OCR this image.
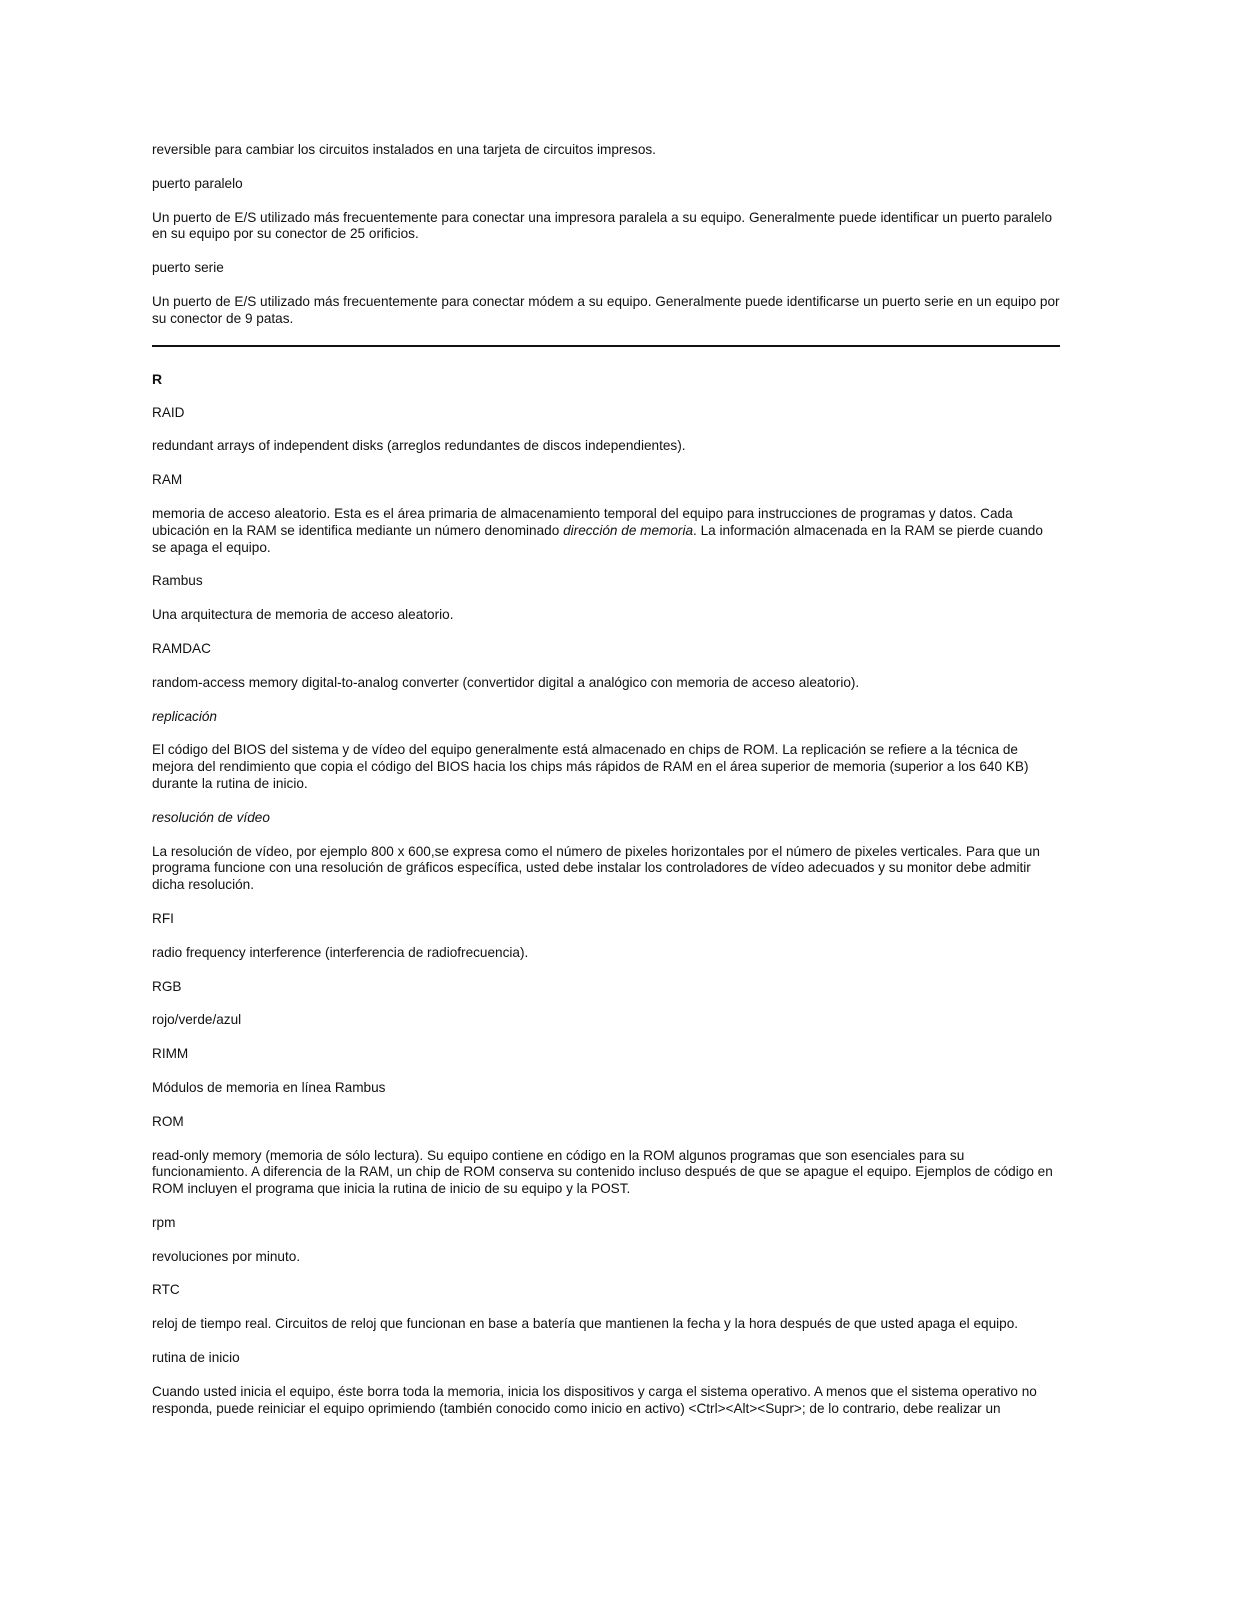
reversible para cambiar los circuitos instalados en una tarjeta de circuitos impresos.

puerto paralelo

Un puerto de E/S utilizado más frecuentemente para conectar una impresora paralela a su equipo. Generalmente puede identificar un puerto paralelo en su equipo por su conector de 25 orificios.

puerto serie

Un puerto de E/S utilizado más frecuentemente para conectar módem a su equipo. Generalmente puede identificarse un puerto serie en un equipo por su conector de 9 patas.

R

RAID

redundant arrays of independent disks (arreglos redundantes de discos independientes).

RAM

memoria de acceso aleatorio. Esta es el área primaria de almacenamiento temporal del equipo para instrucciones de programas y datos. Cada ubicación en la RAM se identifica mediante un número denominado dirección de memoria. La información almacenada en la RAM se pierde cuando se apaga el equipo.

Rambus

Una arquitectura de memoria de acceso aleatorio.

RAMDAC

random-access memory digital-to-analog converter (convertidor digital a analógico con memoria de acceso aleatorio).

replicación

El código del BIOS del sistema y de vídeo del equipo generalmente está almacenado en chips de ROM. La replicación se refiere a la técnica de mejora del rendimiento que copia el código del BIOS hacia los chips más rápidos de RAM en el área superior de memoria (superior a los 640 KB) durante la rutina de inicio.

resolución de vídeo

La resolución de vídeo, por ejemplo 800 x 600,se expresa como el número de pixeles horizontales por el número de pixeles verticales. Para que un programa funcione con una resolución de gráficos específica, usted debe instalar los controladores de vídeo adecuados y su monitor debe admitir dicha resolución.

RFI

radio frequency interference (interferencia de radiofrecuencia).

RGB

rojo/verde/azul

RIMM

Módulos de memoria en línea Rambus

ROM

read-only memory (memoria de sólo lectura). Su equipo contiene en código en la ROM algunos programas que son esenciales para su funcionamiento. A diferencia de la RAM, un chip de ROM conserva su contenido incluso después de que se apague el equipo. Ejemplos de código en ROM incluyen el programa que inicia la rutina de inicio de su equipo y la POST.

rpm

revoluciones por minuto.

RTC

reloj de tiempo real. Circuitos de reloj que funcionan en base a batería que mantienen la fecha y la hora después de que usted apaga el equipo.

rutina de inicio

Cuando usted inicia el equipo, éste borra toda la memoria, inicia los dispositivos y carga el sistema operativo. A menos que el sistema operativo no responda, puede reiniciar el equipo oprimiendo (también conocido como inicio en activo) <Ctrl><Alt><Supr>; de lo contrario, debe realizar un
